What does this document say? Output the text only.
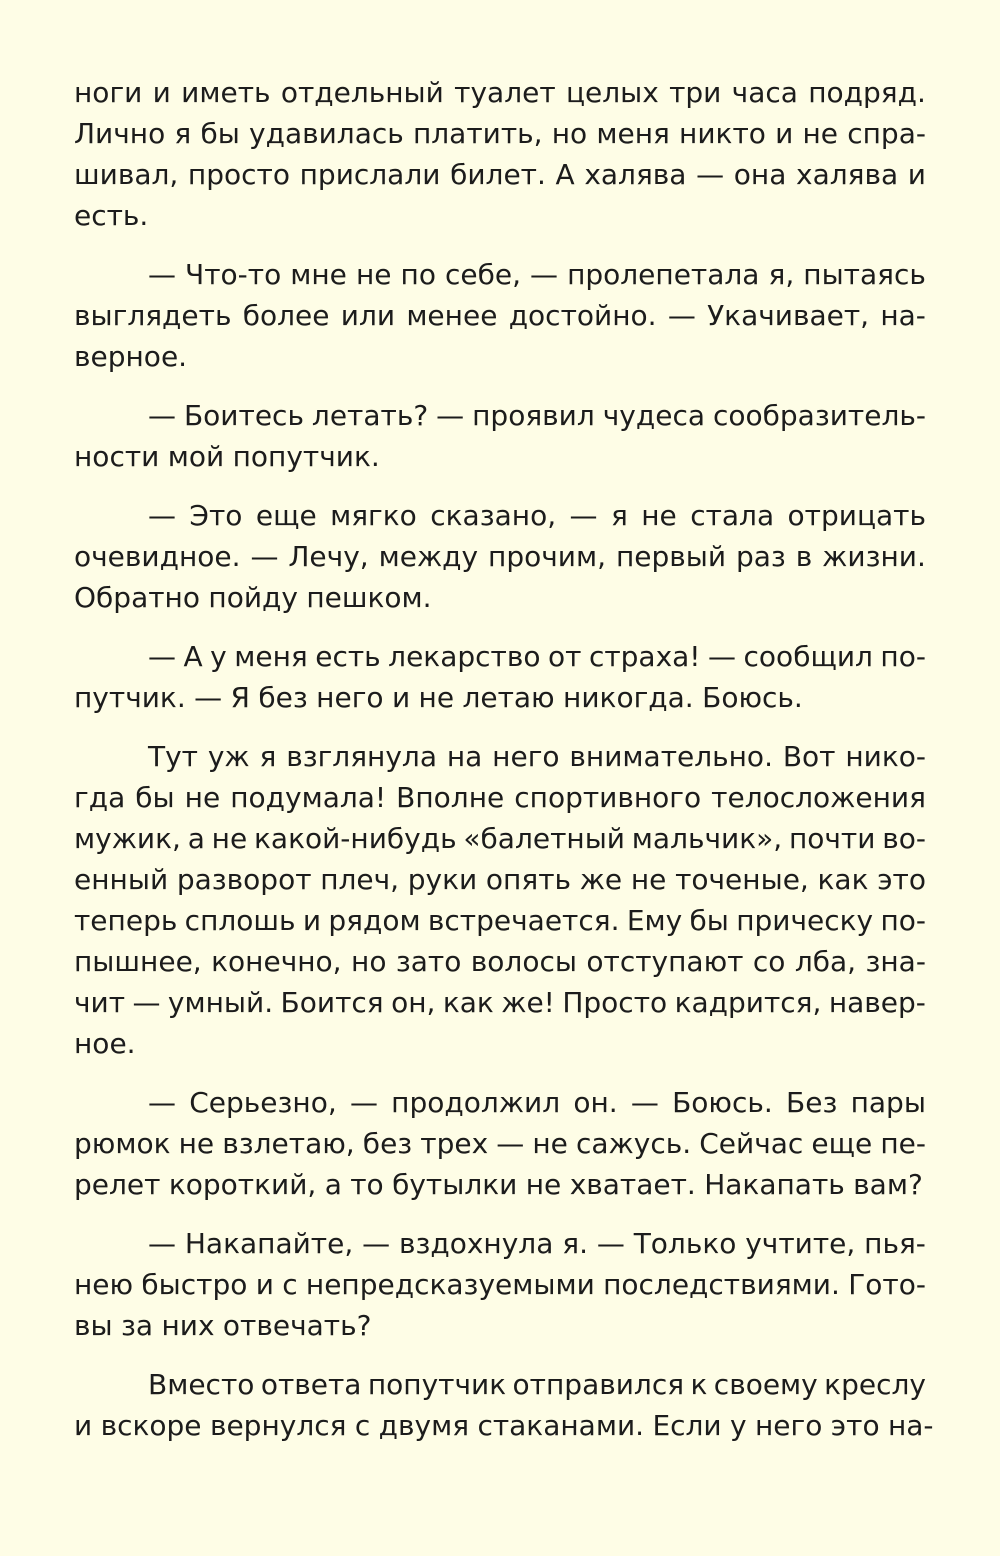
ноги и иметь отдельный туалет целых три часа подряд.
Лично я бы удавилась платить, но меня никто и не спра-
шивал, просто прислали билет. А халява — она халява и
есть.
— Что-то мне не по себе, — пролепетала я, пытаясь
выглядеть более или менее достойно. — Укачивает, на-
верное.
— Боитесь летать? — проявил чудеса сообразитель-
ности мой попутчик.
— Это еще мягко сказано, — я не стала отрицать
очевидное. — Лечу, между прочим, первый раз в жизни.
Обратно пойду пешком.
— А у меня есть лекарство от страха! — сообщил по-
путчик. — Я без него и не летаю никогда. Боюсь.
Тут уж я взглянула на него внимательно. Вот нико-
гда бы не подумала! Вполне спортивного телосложения
мужик, а не какой-нибудь «балетный мальчик», почти во-
енный разворот плеч, руки опять же не точеные, как это
теперь сплошь и рядом встречается. Ему бы прическу по-
пышнее, конечно, но зато волосы отступают со лба, зна-
чит — умный. Боится он, как же! Просто кадрится, навер-
ное.
— Серьезно, — продолжил он. — Боюсь. Без пары
рюмок не взлетаю, без трех — не сажусь. Сейчас еще пе-
релет короткий, а то бутылки не хватает. Накапать вам?
— Накапайте, — вздохнула я. — Только учтите, пья-
нею быстро и с непредсказуемыми последствиями. Гото-
вы за них отвечать?
Вместо ответа попутчик отправился к своему креслу
и вскоре вернулся с двумя стаканами. Если у него это на-
